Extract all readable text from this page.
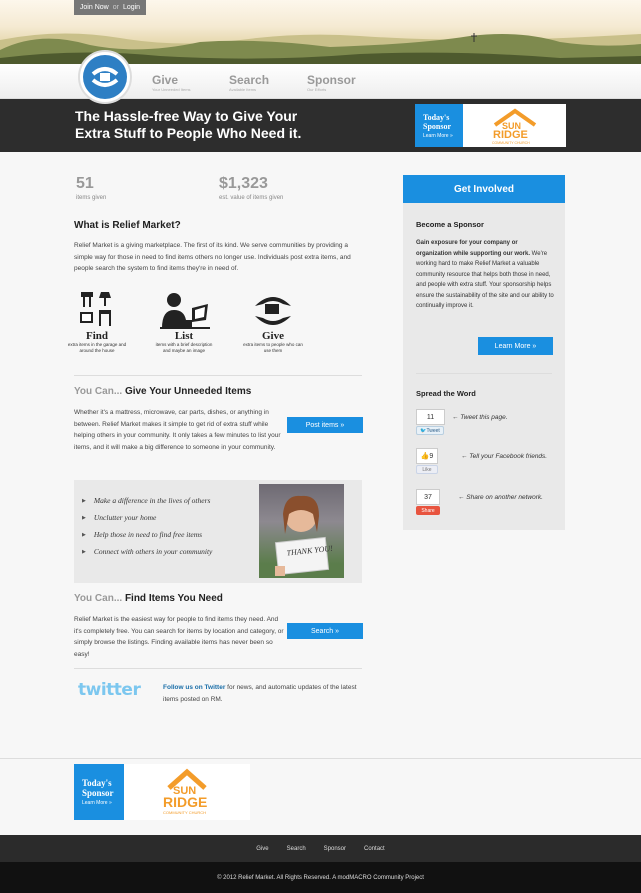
Join Now or Login
Give
Your Unneeded Items
Search
Available Items
Sponsor
Our Efforts
The Hassle-free Way to Give Your Extra Stuff to People Who Need it.
Today's Sponsor
Learn More »
SUN
RIDGE
COMMUNITY CHURCH
51
items given
$1,323
est. value of items given
What is Relief Market?

Relief Market is a giving marketplace. The first of its kind. We serve communities by providing a simple way for those in need to find items others no longer use. Individuals post extra items, and people search the system to find items they're in need of.

Find
extra items in the garage and around the house
List
items with a brief description and maybe an image
Give
extra items to people who can use them
You Can... Give Your Unneeded Items

Whether it's a mattress, microwave, car parts, dishes, or anything in between. Relief Market makes it simple to get rid of extra stuff while helping others in your community. It only takes a few minutes to list your items, and it will make a big difference to someone in your community.

Post items »
▶ Make a difference in the lives of others
▶ Unclutter your home
▶ Help those in need to find free items
▶ Connect with others in your community	THANK YOU!
You Can... Find Items You Need

Relief Market is the easiest way for people to find items they need. And it's completely free. You can search for items by location and category, or simply browse the listings. Finding available items has never been so easy!

Search »
twitter	Follow us on Twitter for news, and automatic updates of the latest items posted on RM.

Get Involved
Become a Sponsor

Gain exposure for your company or organization while supporting our work. We're working hard to make Relief Market a valuable community resource that helps both those in need, and people with extra stuff. Your sponsorship helps ensure the sustainability of the site and our ability to continually improve it.

Learn More »
Spread the Word
11
🐦 Tweet
← Tweet this page.
👍 9
Like
← Tell your Facebook friends.
37
Share
← Share on another network.
Today's Sponsor
Learn More »
SUN
RIDGE
COMMUNITY CHURCH
Give	Search	Sponsor	Contact
© 2012 Relief Market. All Rights Reserved. A modMACRO Community Project
